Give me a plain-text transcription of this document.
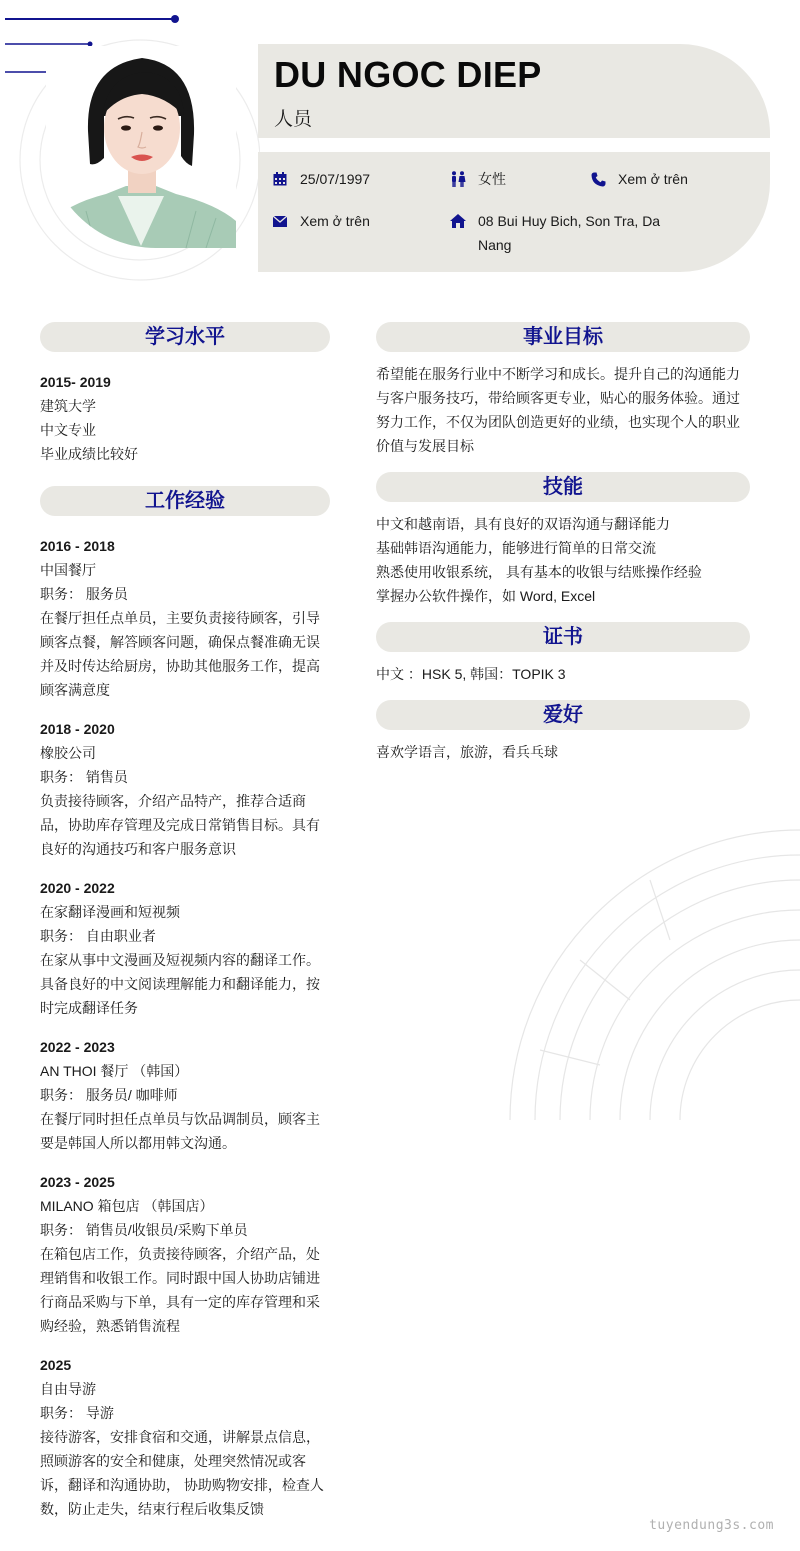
DU NGOC DIEP
人员
25/07/1997	女性	Xem ở trên
Xem ở trên	08 Bui Huy Bich, Son Tra, Da Nang
学习水平
2015- 2019
建筑大学
中文专业
毕业成绩比较好
工作经验
2016 - 2018
中国餐厅
职务： 服务员
在餐厅担任点单员，主要负责接待顾客，引导
顾客点餐，解答顾客问题，确保点餐准确无误
并及时传达给厨房，协助其他服务工作，提高
顾客满意度
2018 - 2020
橡胶公司
职务： 销售员
负责接待顾客，介绍产品特产，推荐合适商
品，协助库存管理及完成日常销售目标。具有
良好的沟通技巧和客户服务意识
2020 - 2022
在家翻译漫画和短视频
职务： 自由职业者
在家从事中文漫画及短视频内容的翻译工作。
具备良好的中文阅读理解能力和翻译能力，按
时完成翻译任务
2022 - 2023
AN THOI 餐厅 （韩国）
职务： 服务员/ 咖啡师
在餐厅同时担任点单员与饮品调制员，顾客主
要是韩国人所以都用韩文沟通。
2023 - 2025
MILANO 箱包店 （韩国店）
职务： 销售员/收银员/采购下单员
在箱包店工作，负责接待顾客，介绍产品，处
理销售和收银工作。同时跟中国人协助店铺进
行商品采购与下单，具有一定的库存管理和采
购经验，熟悉销售流程
2025
自由导游
职务： 导游
接待游客，安排食宿和交通，讲解景点信息，
照顾游客的安全和健康，处理突然情况或客
诉，翻译和沟通协助， 协助购物安排，检查人
数，防止走失，结束行程后收集反馈
事业目标
希望能在服务行业中不断学习和成长。提升自己的沟通能力
与客户服务技巧，带给顾客更专业，贴心的服务体验。通过
努力工作，不仅为团队创造更好的业绩，也实现个人的职业
价值与发展目标
技能
中文和越南语，具有良好的双语沟通与翻译能力
基础韩语沟通能力，能够进行简单的日常交流
熟悉使用收银系统， 具有基本的收银与结账操作经验
掌握办公软件操作，如 Word, Excel
证书
中文 ：HSK 5, 韩国：TOPIK 3
爱好
喜欢学语言，旅游，看兵乓球
tuyendung3s.com
